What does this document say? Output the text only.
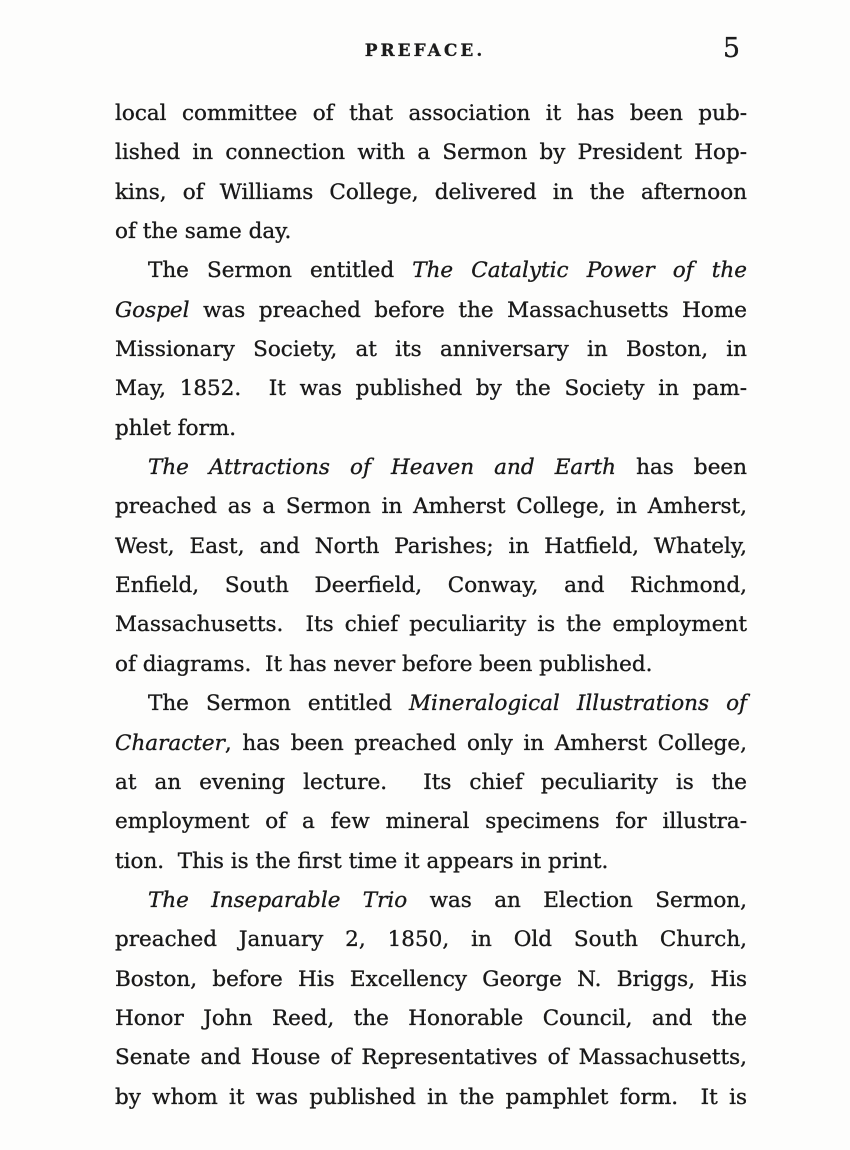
PREFACE.	5
local committee of that association it has been pub-
lished in connection with a Sermon by President Hop-
kins, of Williams College, delivered in the afternoon
of the same day.
The Sermon entitled The Catalytic Power of the
Gospel was preached before the Massachusetts Home
Missionary Society, at its anniversary in Boston, in
May, 1852.  It was published by the Society in pam-
phlet form.
The Attractions of Heaven and Earth has been
preached as a Sermon in Amherst College, in Amherst,
West, East, and North Parishes; in Hatfield, Whately,
Enfield, South Deerfield, Conway, and Richmond,
Massachusetts.  Its chief peculiarity is the employment
of diagrams.  It has never before been published.
The Sermon entitled Mineralogical Illustrations of
Character, has been preached only in Amherst College,
at an evening lecture.  Its chief peculiarity is the
employment of a few mineral specimens for illustra-
tion.  This is the first time it appears in print.
The Inseparable Trio was an Election Sermon,
preached January 2, 1850, in Old South Church,
Boston, before His Excellency George N. Briggs, His
Honor John Reed, the Honorable Council, and the
Senate and House of Representatives of Massachusetts,
by whom it was published in the pamphlet form.  It is
